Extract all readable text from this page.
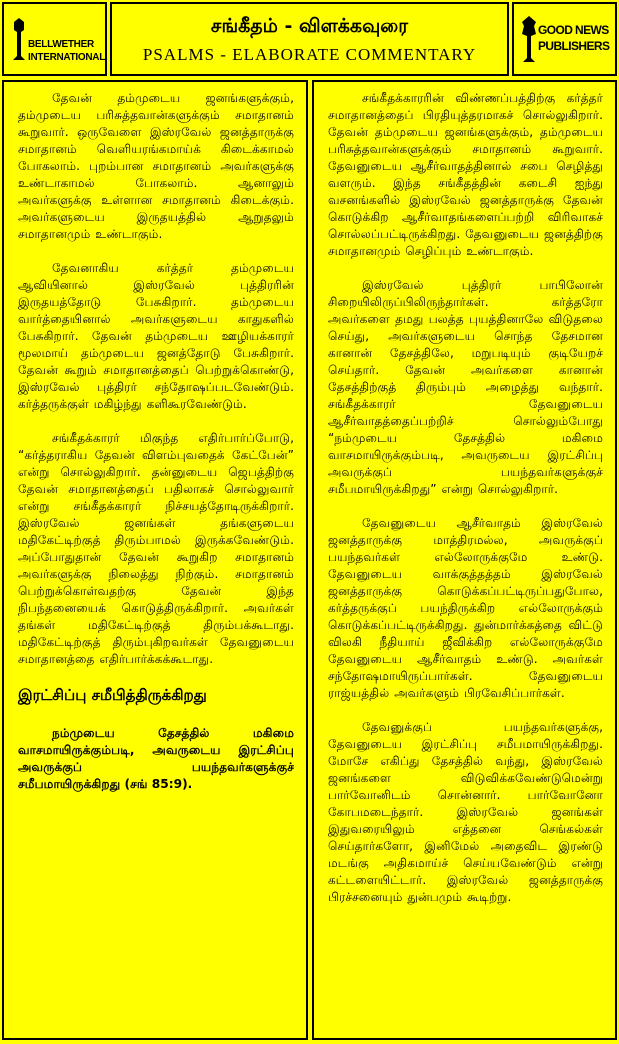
BELLWETHER
INTERNATIONAL
சங்கீதம் - விளக்கவுரை
PSALMS - ELABORATE COMMENTARY
GOOD NEWS
PUBLISHERS

தேவன் தம்முடைய ஜனங்களுக்கும், தம்முடைய பரிசுத்தவான்களுக்கும் சமாதானம் கூறுவார். ஒருவேளை இஸ்ரவேல் ஜனத்தாருக்கு சமாதானம் வெளியரங்கமாய்க் கிடைக்காமல் போகலாம். புறம்பான சமாதானம் அவர்களுக்கு உண்டாகாமல் போகலாம். ஆனாலும் அவர்களுக்கு உள்ளான சமாதானம் கிடைக்கும். அவர்களுடைய இருதயத்தில் ஆறுதலும் சமாதானமும் உண்டாகும்.

தேவனாகிய கர்த்தர் தம்முடைய ஆவியினால் இஸ்ரவேல் புத்திரரின் இருதயத்தோடு பேசுகிறார். தம்முடைய வார்த்தையினால் அவர்களுடைய காதுகளில் பேசுகிறார். தேவன் தம்முடைய ஊழியக்காரர் மூலமாய் தம்முடைய ஜனத்தோடு பேசுகிறார். தேவன் கூறும் சமாதானத்தைப் பெற்றுக்கொண்டு, இஸ்ரவேல் புத்திரர் சந்தோஷப்படவேண்டும். கர்த்தருக்குள் மகிழ்ந்து களிகூரவேண்டும்.

சங்கீதக்காரர் மிகுந்த எதிர்பார்ப்போடு, “கர்த்தராகிய தேவன் விளம்புவதைக் கேட்பேன்” என்று சொல்லுகிறார். தன்னுடைய ஜெபத்திற்கு தேவன் சமாதானத்தைப் பதிலாகச் சொல்லுவார் என்று சங்கீதக்காரர் நிச்சயத்தோடிருக்கிறார். இஸ்ரவேல் ஜனங்கள் தங்களுடைய மதிகேட்டிற்குத் திரும்பாமல் இருக்கவேண்டும். அப்போதுதான் தேவன் கூறுகிற சமாதானம் அவர்களுக்கு நிலைத்து நிற்கும். சமாதானம் பெற்றுக்கொள்வதற்கு தேவன் இந்த நிபந்தனையைக் கொடுத்திருக்கிறார். அவர்கள் தங்கள் மதிகேட்டிற்குத் திரும்பக்கூடாது. மதிகேட்டிற்குத் திரும்புகிறவர்கள் தேவனுடைய சமாதானத்தை எதிர்பார்க்கக்கூடாது.

இரட்சிப்பு சமீபித்திருக்கிறது

நம்முடைய தேசத்தில் மகிமை வாசமாயிருக்கும்படி, அவருடைய இரட்சிப்பு அவருக்குப் பயந்தவர்களுக்குச் சமீபமாயிருக்கிறது (சங் 85:9).

சங்கீதக்காரரின் விண்ணப்பத்திற்கு கர்த்தர் சமாதானத்தைப் பிரதியுத்தரமாகச் சொல்லுகிறார். தேவன் தம்முடைய ஜனங்களுக்கும், தம்முடைய பரிசுத்தவான்களுக்கும் சமாதானம் கூறுவார். தேவனுடைய ஆசீர்வாதத்தினால் சபை செழித்து வளரும். இந்த சங்கீதத்தின் கடைசி ஐந்து வசனங்களில் இஸ்ரவேல் ஜனத்தாருக்கு தேவன் கொடுக்கிற ஆசீர்வாதங்களைப்பற்றி விரிவாகச் சொல்லப்பட்டிருக்கிறது. தேவனுடைய ஜனத்திற்கு சமாதானமும் செழிப்பும் உண்டாகும்.

இஸ்ரவேல் புத்திரர் பாபிலோன் சிறையிலிருப்பிலிருந்தார்கள். கர்த்தரோ அவர்களை தமது பலத்த புயத்தினாலே விடுதலை செய்து, அவர்களுடைய சொந்த தேசமான கானான் தேசத்திலே, மறுபடியும் குடியேறச் செய்தார். தேவன் அவர்களை கானான் தேசத்திற்குத் திரும்பும் அழைத்து வந்தார். சங்கீதக்காரர் தேவனுடைய ஆசீர்வாதத்தைப்பற்றிச் சொல்லும்போது “நம்முடைய தேசத்தில் மகிமை வாசமாயிருக்கும்படி, அவருடைய இரட்சிப்பு அவருக்குப் பயந்தவர்களுக்குச் சமீபமாயிருக்கிறது” என்று சொல்லுகிறார்.

தேவனுடைய ஆசீர்வாதம் இஸ்ரவேல் ஜனத்தாருக்கு மாத்திரமல்ல, அவருக்குப் பயந்தவர்கள் எல்லோருக்குமே உண்டு. தேவனுடைய வாக்குத்தத்தம் இஸ்ரவேல் ஜனத்தாருக்கு கொடுக்கப்பட்டிருப்பதுபோல, கர்த்தருக்குப் பயந்திருக்கிற எல்லோருக்கும் கொடுக்கப்பட்டிருக்கிறது. துன்மார்க்கத்தை விட்டு விலகி நீதியாய் ஜீவிக்கிற எல்லோருக்குமே தேவனுடைய ஆசீர்வாதம் உண்டு. அவர்கள் சந்தோஷமாயிருப்பார்கள். தேவனுடைய ராஜ்யத்தில் அவர்களும் பிரவேசிப்பார்கள்.

தேவனுக்குப் பயந்தவர்களுக்கு, தேவனுடைய இரட்சிப்பு சமீபமாயிருக்கிறது. மோசே எகிப்து தேசத்தில் வந்து, இஸ்ரவேல் ஜனங்களை விடுவிக்கவேண்டுமென்று பார்வோனிடம் சொன்னார். பார்வோனோ கோபமடைந்தார். இஸ்ரவேல் ஜனங்கள் இதுவரையிலும் எத்தனை செங்கல்கள் செய்தார்களோ, இனிமேல் அதைவிட இரண்டு மடங்கு அதிகமாய்ச் செய்யவேண்டும் என்று கட்டளையிட்டார். இஸ்ரவேல் ஜனத்தாருக்கு பிரச்சனையும் துன்பமும் கூடிற்று.
